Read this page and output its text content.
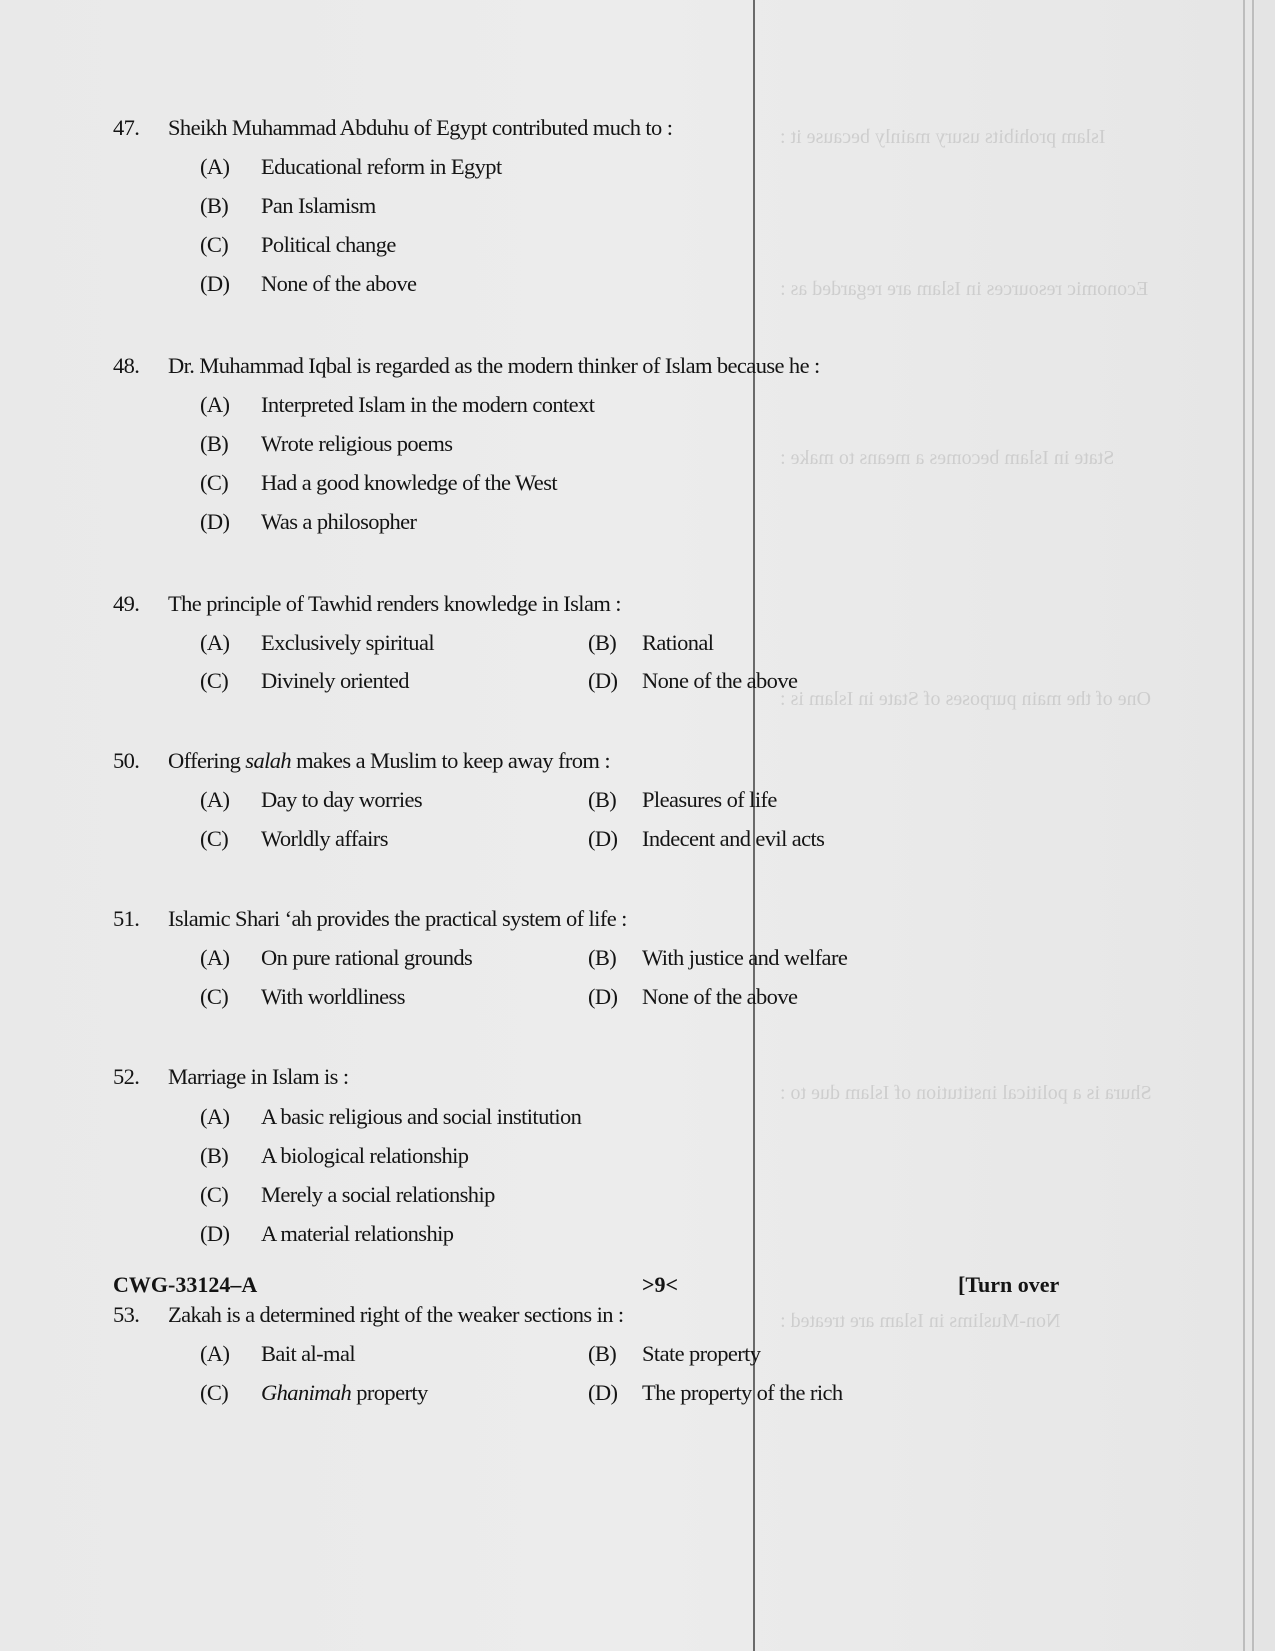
Islam prohibits usury mainly because it :
Economic resources in Islam are regarded as :
State in Islam becomes a means to make :
One of the main purposes of State in Islam is :
Shura is a political institution of Islam due to :
Non-Muslims in Islam are treated :
47. Sheikh Muhammad Abduhu of Egypt contributed much to :
(A) Educational reform in Egypt
(B) Pan Islamism
(C) Political change
(D) None of the above
48. Dr. Muhammad Iqbal is regarded as the modern thinker of Islam because he :
(A) Interpreted Islam in the modern context
(B) Wrote religious poems
(C) Had a good knowledge of the West
(D) Was a philosopher
49. The principle of Tawhid renders knowledge in Islam :
(A) Exclusively spiritual	(B) Rational
(C) Divinely oriented	(D) None of the above
50. Offering salah makes a Muslim to keep away from :
(A) Day to day worries	(B) Pleasures of life
(C) Worldly affairs	(D) Indecent and evil acts
51. Islamic Shari ‘ah provides the practical system of life :
(A) On pure rational grounds	(B) With justice and welfare
(C) With worldliness	(D) None of the above
52. Marriage in Islam is :
(A) A basic religious and social institution
(B) A biological relationship
(C) Merely a social relationship
(D) A material relationship
53. Zakah is a determined right of the weaker sections in :
(A) Bait al-mal	(B) State property
(C) Ghanimah property	(D) The property of the rich
CWG-33124–A	>9<	[Turn over
